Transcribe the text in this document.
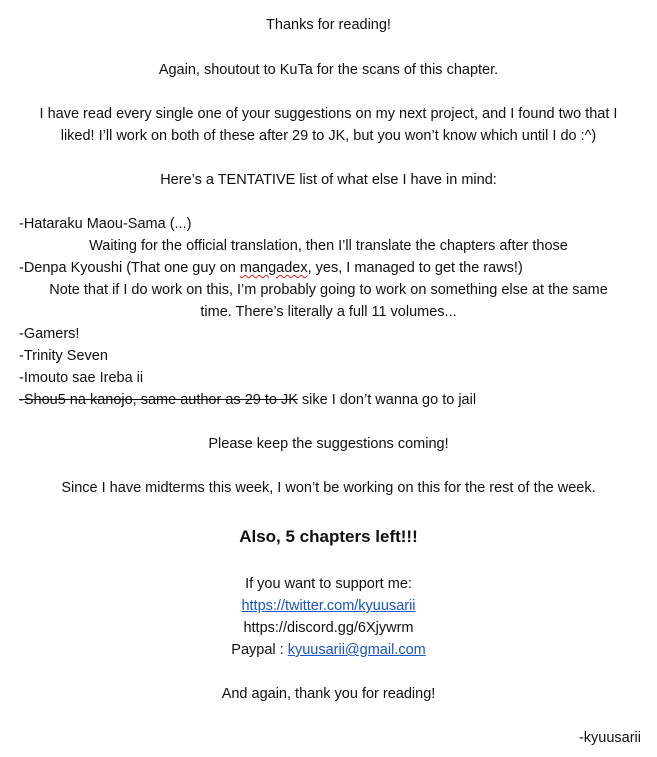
Thanks for reading!
Again, shoutout to KuTa for the scans of this chapter.
I have read every single one of your suggestions on my next project, and I found two that I
liked! I’ll work on both of these after 29 to JK, but you won’t know which until I do :^)
Here’s a TENTATIVE list of what else I have in mind:
-Hataraku Maou-Sama (...)
Waiting for the official translation, then I’ll translate the chapters after those
-Denpa Kyoushi (That one guy on mangadex, yes, I managed to get the raws!)
Note that if I do work on this, I’m probably going to work on something else at the same
time. There’s literally a full 11 volumes...
-Gamers!
-Trinity Seven
-Imouto sae Ireba ii
-Shou5 na kanojo, same author as 29 to JK sike I don’t wanna go to jail
Please keep the suggestions coming!
Since I have midterms this week, I won’t be working on this for the rest of the week.
Also, 5 chapters left!!!
If you want to support me:
https://twitter.com/kyuusarii
https://discord.gg/6Xjywrm
Paypal : kyuusarii@gmail.com
And again, thank you for reading!
-kyuusarii
